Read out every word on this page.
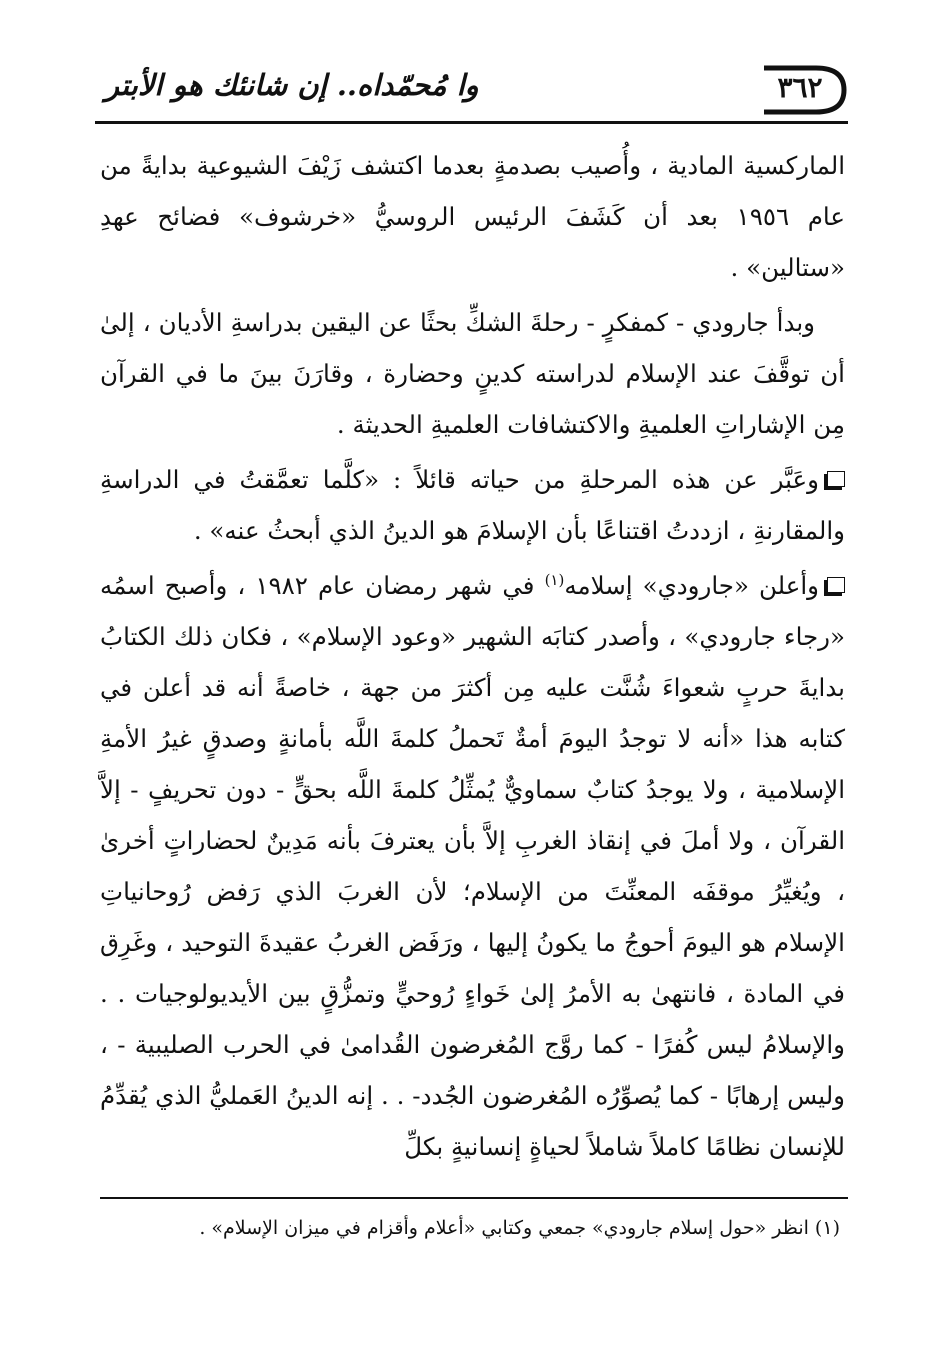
٣٦٢
وا مُحمّداه.. إن شانئك هو الأبتر

الماركسية المادية ، وأُصيب بصدمةٍ بعدما اكتشف زَيْفَ الشيوعية بدايةً من عام ١٩٥٦ بعد أن كَشَفَ الرئيس الروسيُّ «خرشوف» فضائح عهدِ «ستالين» .

وبدأ جارودي - كمفكرٍ - رحلةَ الشكِّ بحثًا عن اليقين بدراسةِ الأديان ، إلىٰ أن توقَّفَ عند الإسلام لدراسته كدينٍ وحضارة ، وقارَنَ بينَ ما في القرآن مِن الإشاراتِ العلميةِ والاكتشافات العلميةِ الحديثة .

وعَبَّر عن هذه المرحلةِ من حياته قائلاً : «كلَّما تعمَّقتُ في الدراسةِ والمقارنةِ ، ازددتُ اقتناعًا بأن الإسلامَ هو الدينُ الذي أبحثُ عنه» .

وأعلن «جارودي» إسلامه$^{(١)}$ في شهر رمضان عام ١٩٨٢ ، وأصبح اسمُه «رجاء جارودي» ، وأصدر كتابَه الشهير «وعود الإسلام» ، فكان ذلك الكتابُ بدايةَ حربٍ شعواءَ شُنَّت عليه مِن أكثرَ من جهة ، خاصةً أنه قد أعلن في كتابه هذا «أنه لا توجدُ اليومَ أمةٌ تَحملُ كلمةَ اللَّه بأمانةٍ وصدقٍ غيرُ الأمةِ الإسلامية ، ولا يوجدُ كتابٌ سماويٌّ يُمثِّلُ كلمةَ اللَّه بحقٍّ - دون تحريفٍ - إلاَّ القرآن ، ولا أملَ في إنقاذ الغربِ إلاَّ بأن يعترفَ بأنه مَدِينٌ لحضاراتٍ أخرىٰ ، ويُغيِّرُ موقفَه المعنِّتَ من الإسلام؛ لأن الغربَ الذي رَفض رُوحانياتِ الإسلام هو اليومَ أحوجُ ما يكونُ إليها ، ورَفَض الغربُ عقيدةَ التوحيد ، وغَرِق في المادة ، فانتهىٰ به الأمرُ إلىٰ خَواءٍ رُوحيٍّ وتمزُّقٍ بين الأيديولوجيات . . والإسلامُ ليس كُفرًا - كما روَّج المُغرضون القُدامىٰ في الحرب الصليبية - ، وليس إرهابًا - كما يُصوِّرُه المُغرضون الجُدد- . . إنه الدينُ العَمليُّ الذي يُقدِّمُ للإنسان نظامًا كاملاً شاملاً لحياةٍ إنسانيةٍ بكلِّ

(١) انظر «حول إسلام جارودي» جمعي وكتابي «أعلام وأقزام في ميزان الإسلام» .
